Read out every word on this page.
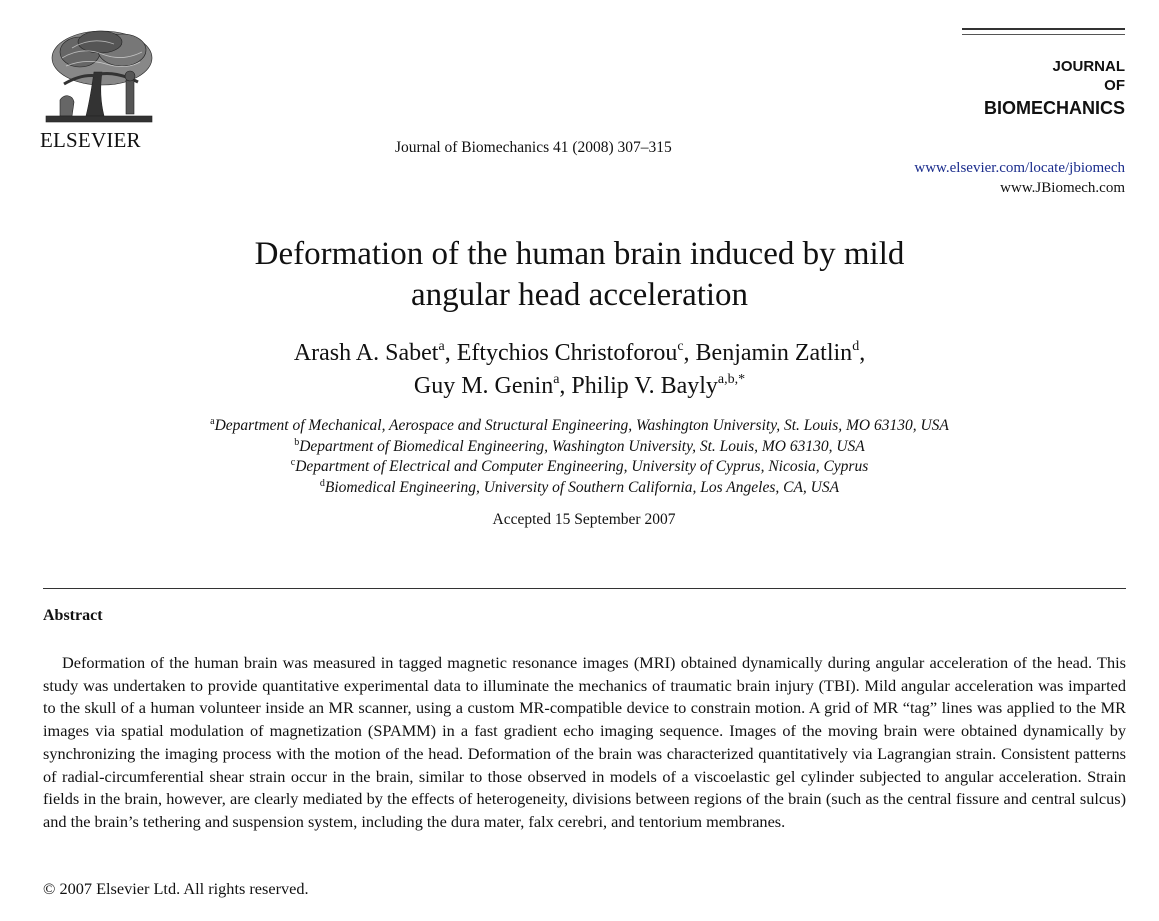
ELSEVIER	Journal of Biomechanics 41 (2008) 307–315
JOURNAL
OF
BIOMECHANICS
www.elsevier.com/locate/jbiomech
www.JBiomech.com
Deformation of the human brain induced by mild
angular head acceleration
Arash A. Sabet$^a$, Eftychios Christoforou$^c$, Benjamin Zatlin$^d$,
Guy M. Genin$^a$, Philip V. Bayly$^{a,b,*}$
$^a$Department of Mechanical, Aerospace and Structural Engineering, Washington University, St. Louis, MO 63130, USA
$^b$Department of Biomedical Engineering, Washington University, St. Louis, MO 63130, USA
$^c$Department of Electrical and Computer Engineering, University of Cyprus, Nicosia, Cyprus
$^d$Biomedical Engineering, University of Southern California, Los Angeles, CA, USA
Accepted 15 September 2007
Abstract
Deformation of the human brain was measured in tagged magnetic resonance images (MRI) obtained dynamically during angular acceleration of the head. This study was undertaken to provide quantitative experimental data to illuminate the mechanics of traumatic brain injury (TBI). Mild angular acceleration was imparted to the skull of a human volunteer inside an MR scanner, using a custom MR-compatible device to constrain motion. A grid of MR “tag” lines was applied to the MR images via spatial modulation of magnetization (SPAMM) in a fast gradient echo imaging sequence. Images of the moving brain were obtained dynamically by synchronizing the imaging process with the motion of the head. Deformation of the brain was characterized quantitatively via Lagrangian strain. Consistent patterns of radial-circumferential shear strain occur in the brain, similar to those observed in models of a viscoelastic gel cylinder subjected to angular acceleration. Strain fields in the brain, however, are clearly mediated by the effects of heterogeneity, divisions between regions of the brain (such as the central fissure and central sulcus) and the brain’s tethering and suspension system, including the dura mater, falx cerebri, and tentorium membranes.
© 2007 Elsevier Ltd. All rights reserved.
